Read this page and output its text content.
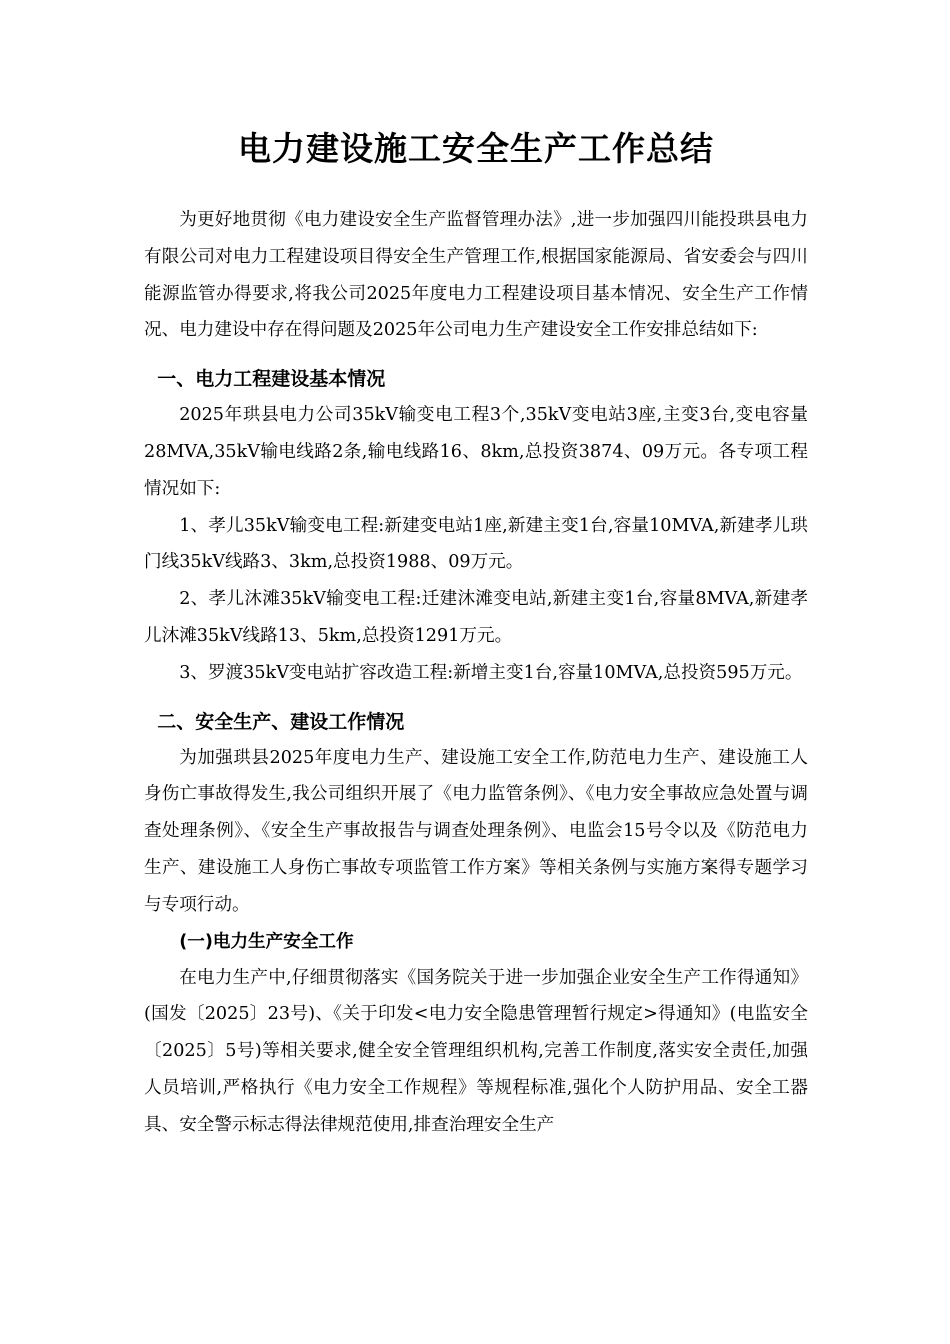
电力建设施工安全生产工作总结

为更好地贯彻《电力建设安全生产监督管理办法》,进一步加强四川能投珙县电力有限公司对电力工程建设项目得安全生产管理工作,根据国家能源局、省安委会与四川能源监管办得要求,将我公司2025年度电力工程建设项目基本情况、安全生产工作情况、电力建设中存在得问题及2025年公司电力生产建设安全工作安排总结如下:

一、电力工程建设基本情况

2025年珙县电力公司35kV输变电工程3个,35kV变电站3座,主变3台,变电容量28MVA,35kV输电线路2条,输电线路16、8km,总投资3874、09万元。各专项工程情况如下:

1、孝儿35kV输变电工程:新建变电站1座,新建主变1台,容量10MVA,新建孝儿珙门线35kV线路3、3km,总投资1988、09万元。

2、孝儿沐滩35kV输变电工程:迁建沐滩变电站,新建主变1台,容量8MVA,新建孝儿沐滩35kV线路13、5km,总投资1291万元。

3、罗渡35kV变电站扩容改造工程:新增主变1台,容量10MVA,总投资595万元。

二、安全生产、建设工作情况

为加强珙县2025年度电力生产、建设施工安全工作,防范电力生产、建设施工人身伤亡事故得发生,我公司组织开展了《电力监管条例》、《电力安全事故应急处置与调查处理条例》、《安全生产事故报告与调查处理条例》、电监会15号令以及《防范电力生产、建设施工人身伤亡事故专项监管工作方案》等相关条例与实施方案得专题学习与专项行动。

(一)电力生产安全工作

在电力生产中,仔细贯彻落实《国务院关于进一步加强企业安全生产工作得通知》(国发〔2025〕23号)、《关于印发<电力安全隐患管理暂行规定>得通知》(电监安全〔2025〕5号)等相关要求,健全安全管理组织机构,完善工作制度,落实安全责任,加强人员培训,严格执行《电力安全工作规程》等规程标准,强化个人防护用品、安全工器具、安全警示标志得法律规范使用,排查治理安全生产
